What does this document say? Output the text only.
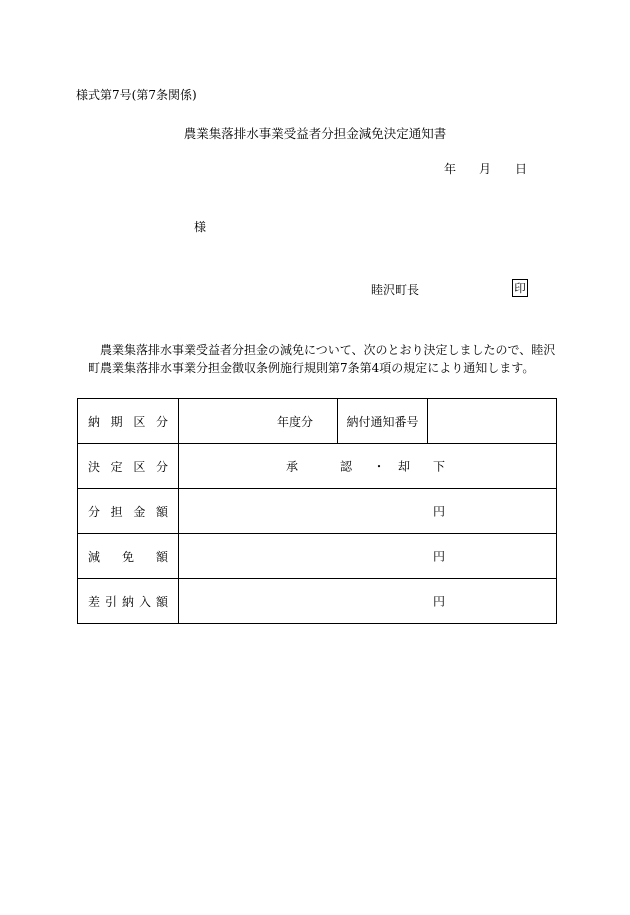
様式第7号(第7条関係)
農業集落排水事業受益者分担金減免決定通知書
年 月 日
様
睦沢町長	印
農業集落排水事業受益者分担金の減免について、次のとおり決定しましたので、睦沢町農業集落排水事業分担金徴収条例施行規則第7条第4項の規定により通知します。
納期区分	年度分	納付通知番号	
決定区分	承 認 ・ 却 下		

分担金額	円		

減免額	円		

差引納入額	円		
